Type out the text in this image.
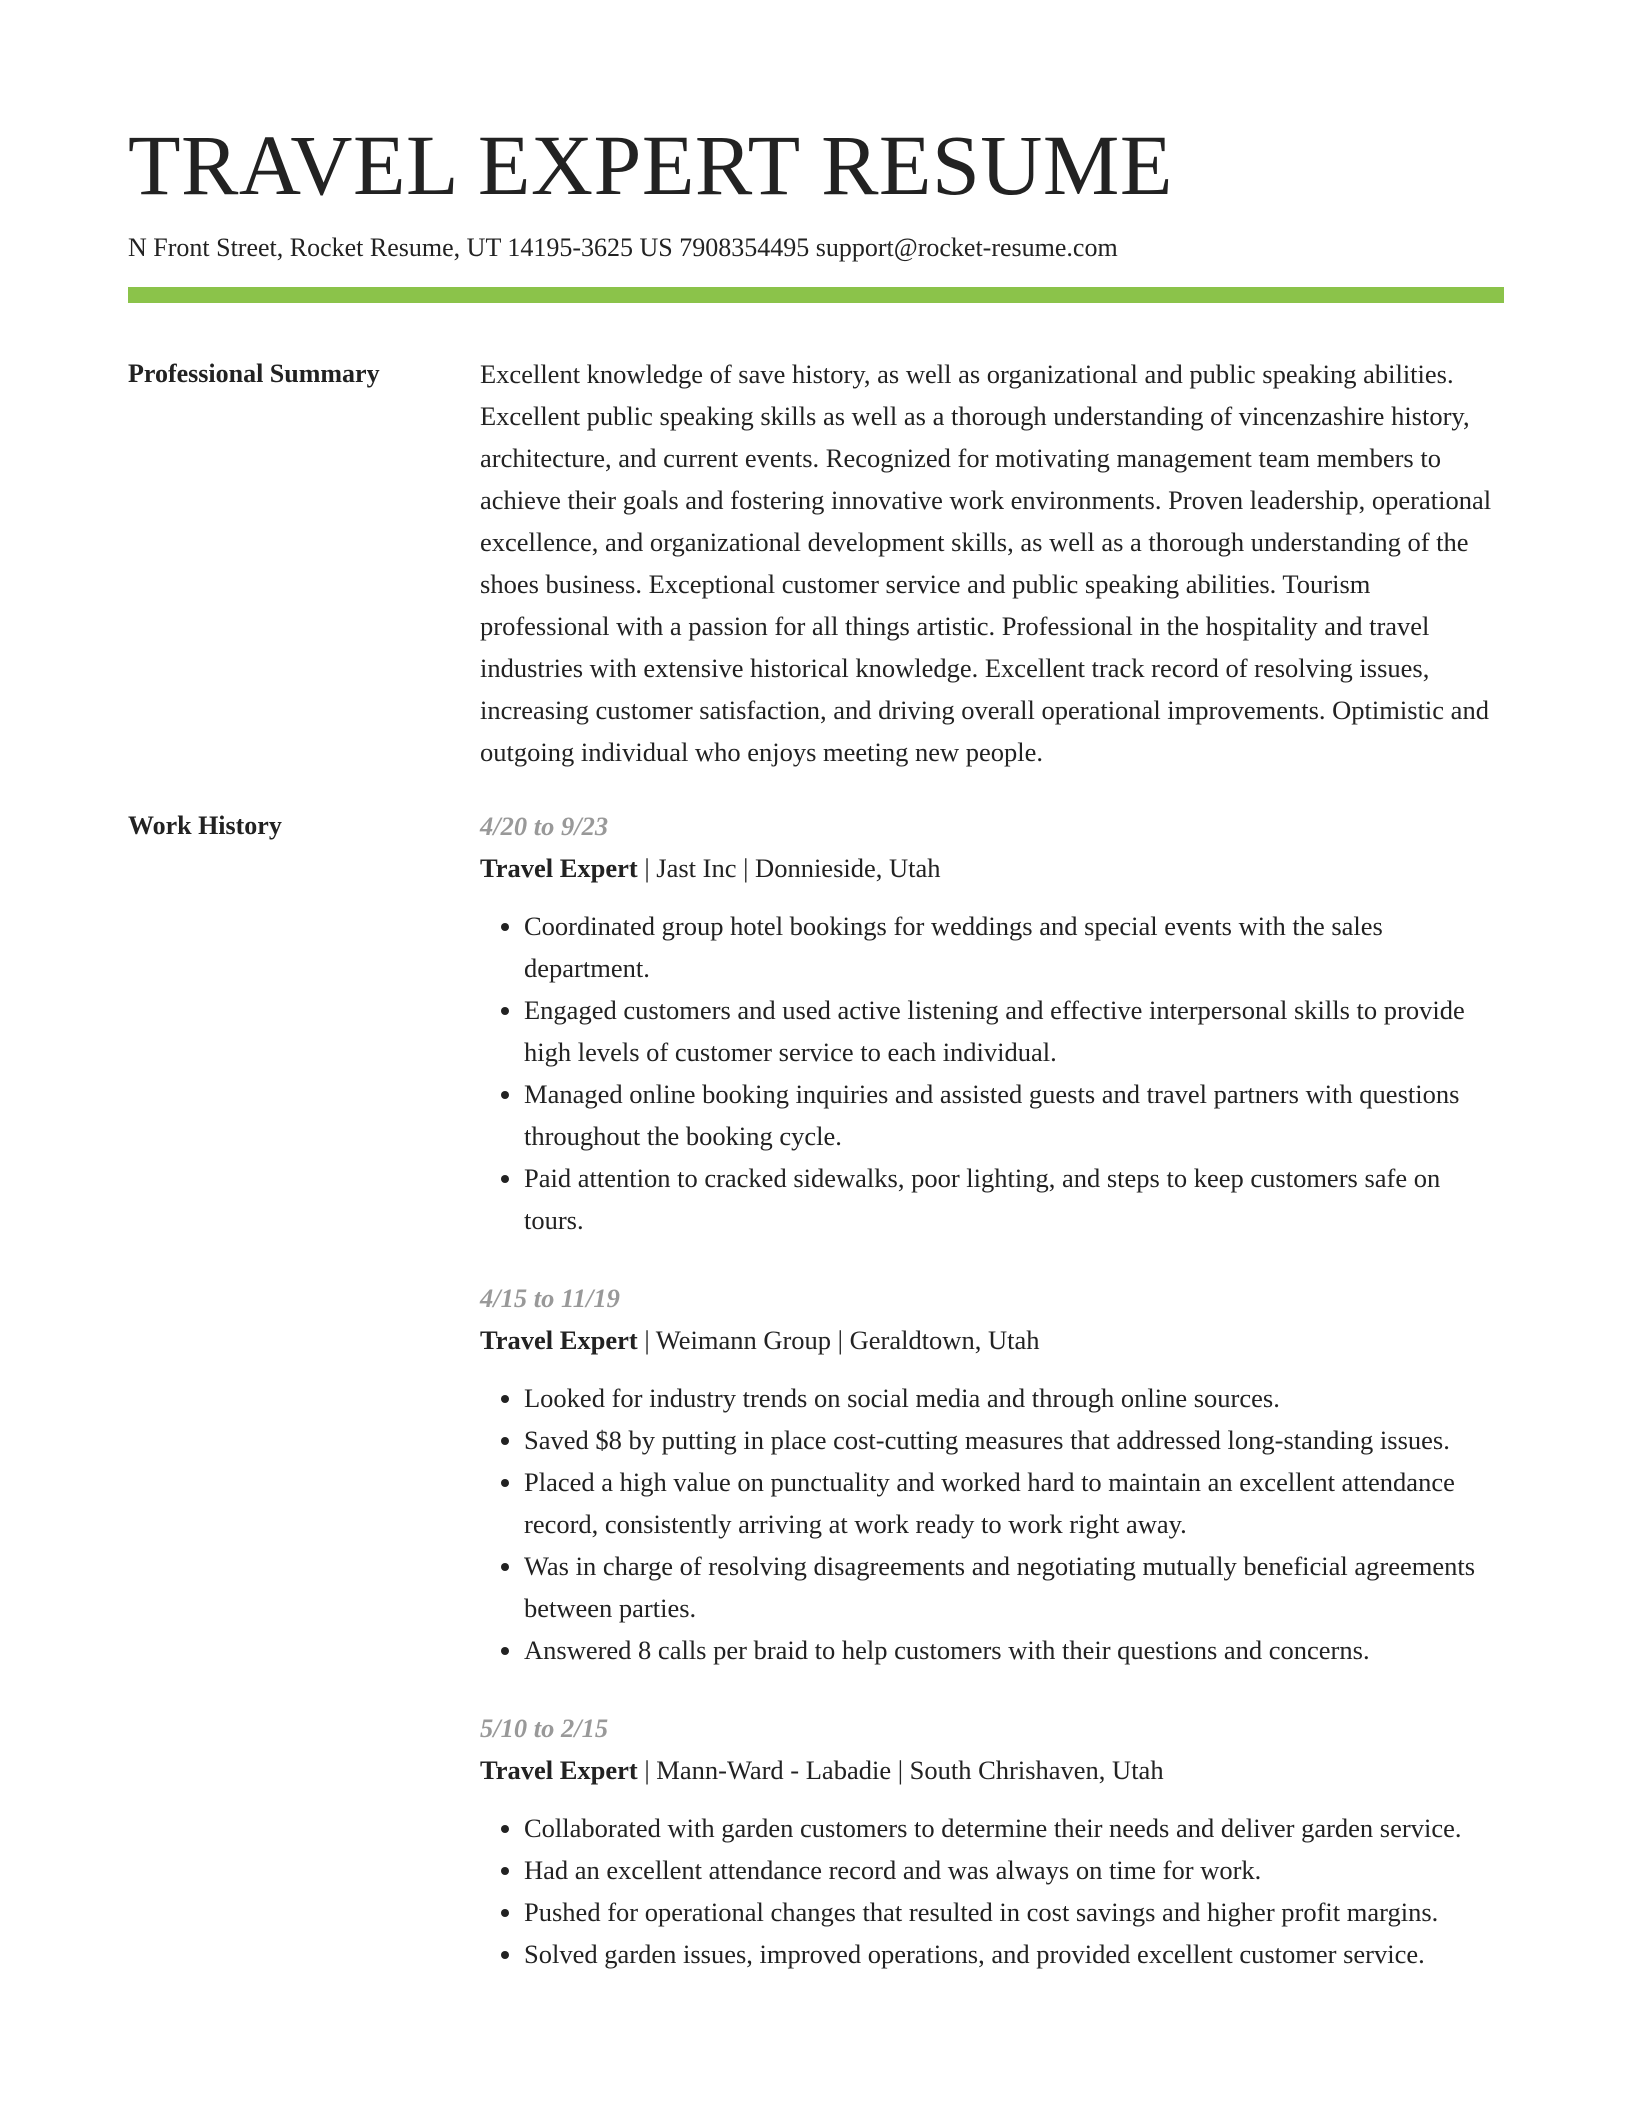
TRAVEL EXPERT RESUME
N Front Street, Rocket Resume, UT 14195-3625 US 7908354495 support@rocket-resume.com
Professional Summary	Excellent knowledge of save history, as well as organizational and public speaking abilities. Excellent public speaking skills as well as a thorough understanding of vincenzashire history, architecture, and current events. Recognized for motivating management team members to achieve their goals and fostering innovative work environments. Proven leadership, operational excellence, and organizational development skills, as well as a thorough understanding of the shoes business. Exceptional customer service and public speaking abilities. Tourism professional with a passion for all things artistic. Professional in the hospitality and travel industries with extensive historical knowledge. Excellent track record of resolving issues, increasing customer satisfaction, and driving overall operational improvements. Optimistic and outgoing individual who enjoys meeting new people.

Work History	4/20 to 9/23
Travel Expert | Jast Inc | Donnieside, Utah
• Coordinated group hotel bookings for weddings and special events with the sales department.
• Engaged customers and used active listening and effective interpersonal skills to provide high levels of customer service to each individual.
• Managed online booking inquiries and assisted guests and travel partners with questions throughout the booking cycle.
• Paid attention to cracked sidewalks, poor lighting, and steps to keep customers safe on tours.
4/15 to 11/19
Travel Expert | Weimann Group | Geraldtown, Utah
• Looked for industry trends on social media and through online sources.
• Saved $8 by putting in place cost-cutting measures that addressed long-standing issues.
• Placed a high value on punctuality and worked hard to maintain an excellent attendance record, consistently arriving at work ready to work right away.
• Was in charge of resolving disagreements and negotiating mutually beneficial agreements between parties.
• Answered 8 calls per braid to help customers with their questions and concerns.
5/10 to 2/15
Travel Expert | Mann-Ward - Labadie | South Chrishaven, Utah
• Collaborated with garden customers to determine their needs and deliver garden service.
• Had an excellent attendance record and was always on time for work.
• Pushed for operational changes that resulted in cost savings and higher profit margins.
• Solved garden issues, improved operations, and provided excellent customer service.
